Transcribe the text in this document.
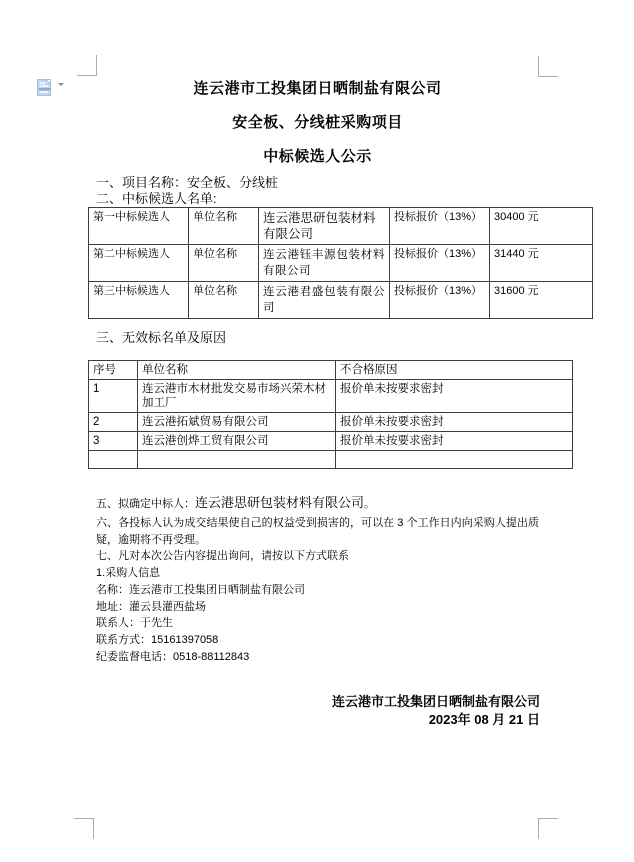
连云港市工投集团日晒制盐有限公司
安全板、分线桩采购项目
中标候选人公示
一、项目名称：安全板、分线桩
二、中标候选人名单:
第一中标候选人	单位名称	连云港思研包装材料有限公司	投标报价（13%）	30400 元
第二中标候选人	单位名称	连云港钰丰源包装材料有限公司	投标报价（13%）	31440 元
第三中标候选人	单位名称	连云港君盛包装有限公司	投标报价（13%）	31600 元
三、无效标名单及原因
序号	单位名称	不合格原因
1	连云港市木材批发交易市场兴荣木材加工厂	报价单未按要求密封
2	连云港拓斌贸易有限公司	报价单未按要求密封
3	连云港创烨工贸有限公司	报价单未按要求密封

五、拟确定中标人：连云港思研包装材料有限公司。
六、各投标人认为成交结果使自己的权益受到损害的，可以在 3 个工作日内向采购人提出质疑，逾期将不再受理。
七、凡对本次公告内容提出询问，请按以下方式联系
1.采购人信息
名称：连云港市工投集团日晒制盐有限公司
地址：灌云县灌西盐场
联系人：于先生
联系方式：15161397058
纪委监督电话：0518-88112843
连云港市工投集团日晒制盐有限公司
2023年 08 月 21 日
